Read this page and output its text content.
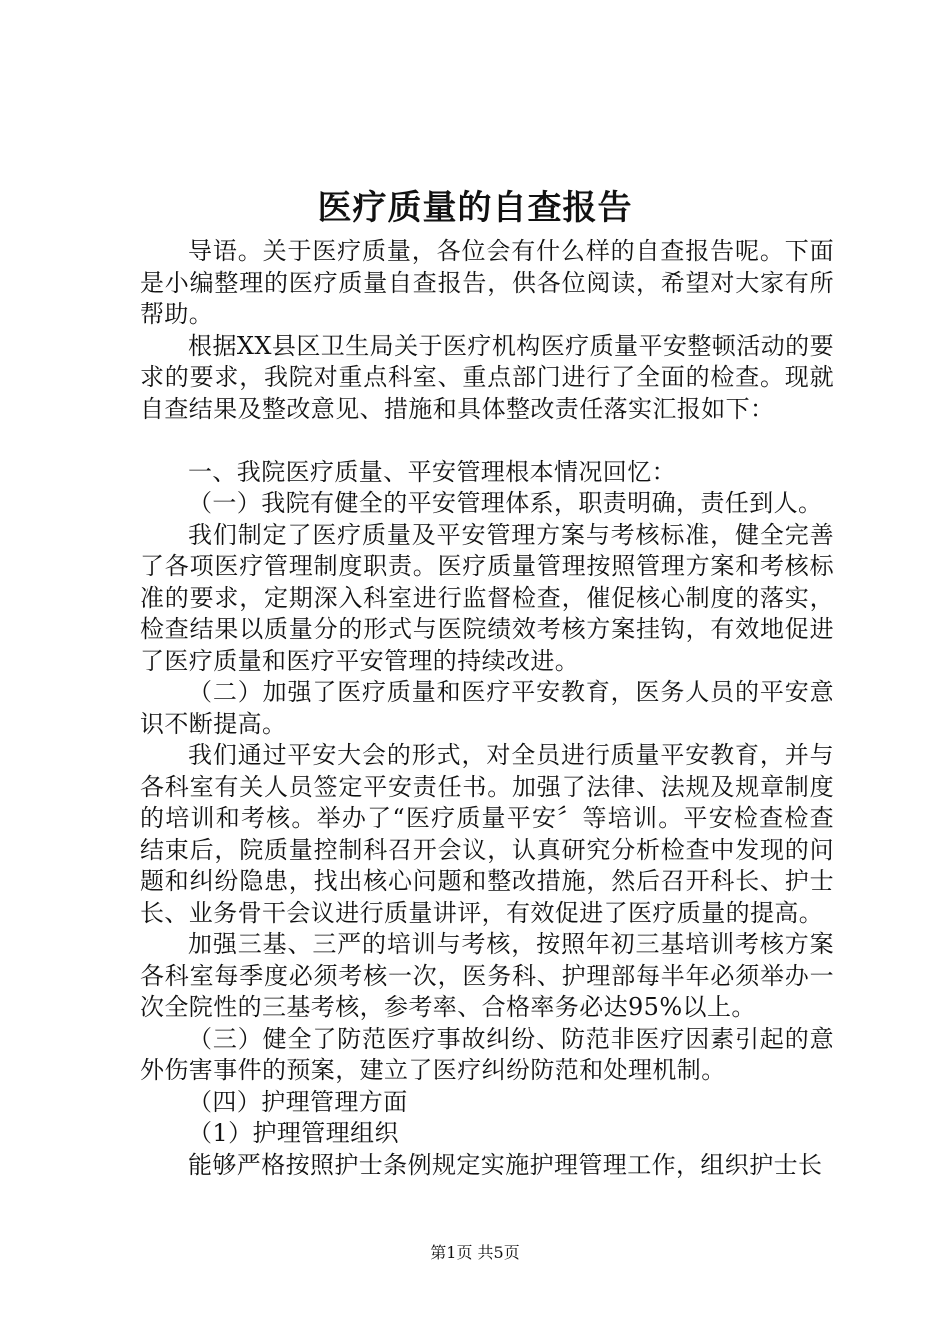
医疗质量的自查报告

导语。关于医疗质量，各位会有什么样的自查报告呢。下面是小编整理的医疗质量自查报告，供各位阅读，希望对大家有所帮助。

根据XX县区卫生局关于医疗机构医疗质量平安整顿活动的要求的要求，我院对重点科室、重点部门进行了全面的检查。现就自查结果及整改意见、措施和具体整改责任落实汇报如下：

一、我院医疗质量、平安管理根本情况回忆：

（一）我院有健全的平安管理体系，职责明确，责任到人。

我们制定了医疗质量及平安管理方案与考核标准，健全完善了各项医疗管理制度职责。医疗质量管理按照管理方案和考核标准的要求，定期深入科室进行监督检查，催促核心制度的落实，检查结果以质量分的形式与医院绩效考核方案挂钩，有效地促进了医疗质量和医疗平安管理的持续改进。

（二）加强了医疗质量和医疗平安教育，医务人员的平安意识不断提高。

我们通过平安大会的形式，对全员进行质量平安教育，并与各科室有关人员签定平安责任书。加强了法律、法规及规章制度的培训和考核。举办了“医疗质量平安〞等培训。平安检查检查结束后，院质量控制科召开会议，认真研究分析检查中发现的问题和纠纷隐患，找出核心问题和整改措施，然后召开科长、护士长、业务骨干会议进行质量讲评，有效促进了医疗质量的提高。

加强三基、三严的培训与考核，按照年初三基培训考核方案各科室每季度必须考核一次，医务科、护理部每半年必须举办一次全院性的三基考核，参考率、合格率务必达95%以上。

（三）健全了防范医疗事故纠纷、防范非医疗因素引起的意外伤害事件的预案，建立了医疗纠纷防范和处理机制。

（四）护理管理方面

（1）护理管理组织

能够严格按照护士条例规定实施护理管理工作，组织护士长

第1页 共5页
